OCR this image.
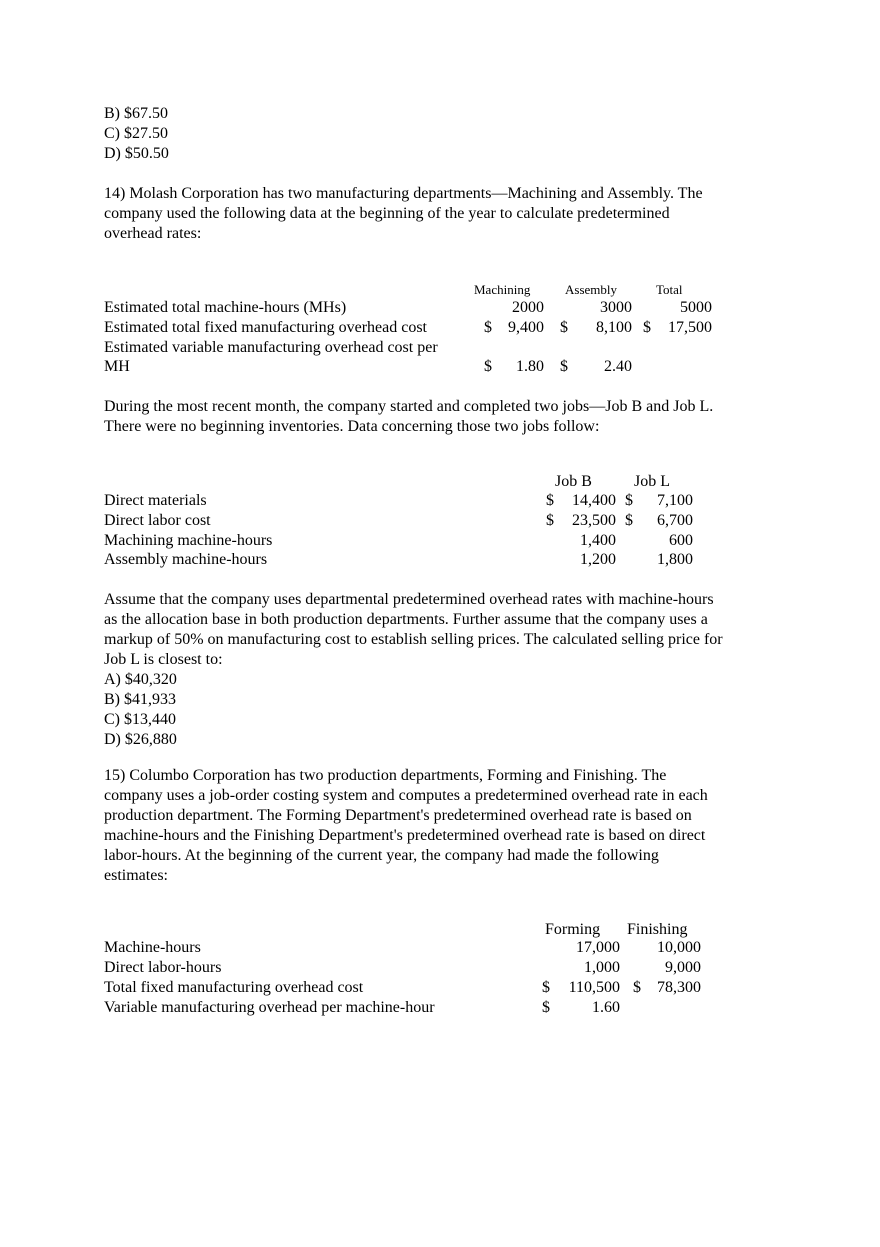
B) $67.50
C) $27.50
D) $50.50
14) Molash Corporation has two manufacturing departments—Machining and Assembly. The
company used the following data at the beginning of the year to calculate predetermined
overhead rates:
Machining	Assembly	Total
Estimated total machine-hours (MHs)	2000	3000	5000
Estimated total fixed manufacturing overhead cost	$	9,400 $	8,100 $	17,500
Estimated variable manufacturing overhead cost per
MH	$	1.80 $	2.40
During the most recent month, the company started and completed two jobs—Job B and Job L.
There were no beginning inventories. Data concerning those two jobs follow:
Job B	Job L
Direct materials	$	14,400 $	7,100
Direct labor cost	$	23,500 $	6,700
Machining machine-hours	1,400	600
Assembly machine-hours	1,200	1,800
Assume that the company uses departmental predetermined overhead rates with machine-hours
as the allocation base in both production departments. Further assume that the company uses a
markup of 50% on manufacturing cost to establish selling prices. The calculated selling price for
Job L is closest to:
A) $40,320
B) $41,933
C) $13,440
D) $26,880
15) Columbo Corporation has two production departments, Forming and Finishing. The
company uses a job-order costing system and computes a predetermined overhead rate in each
production department. The Forming Department's predetermined overhead rate is based on
machine-hours and the Finishing Department's predetermined overhead rate is based on direct
labor-hours. At the beginning of the current year, the company had made the following
estimates:
Forming Finishing
Machine-hours	17,000	10,000
Direct labor-hours	1,000	9,000
Total fixed manufacturing overhead cost	$	110,500 $	78,300
Variable manufacturing overhead per machine-hour	$	1.60
